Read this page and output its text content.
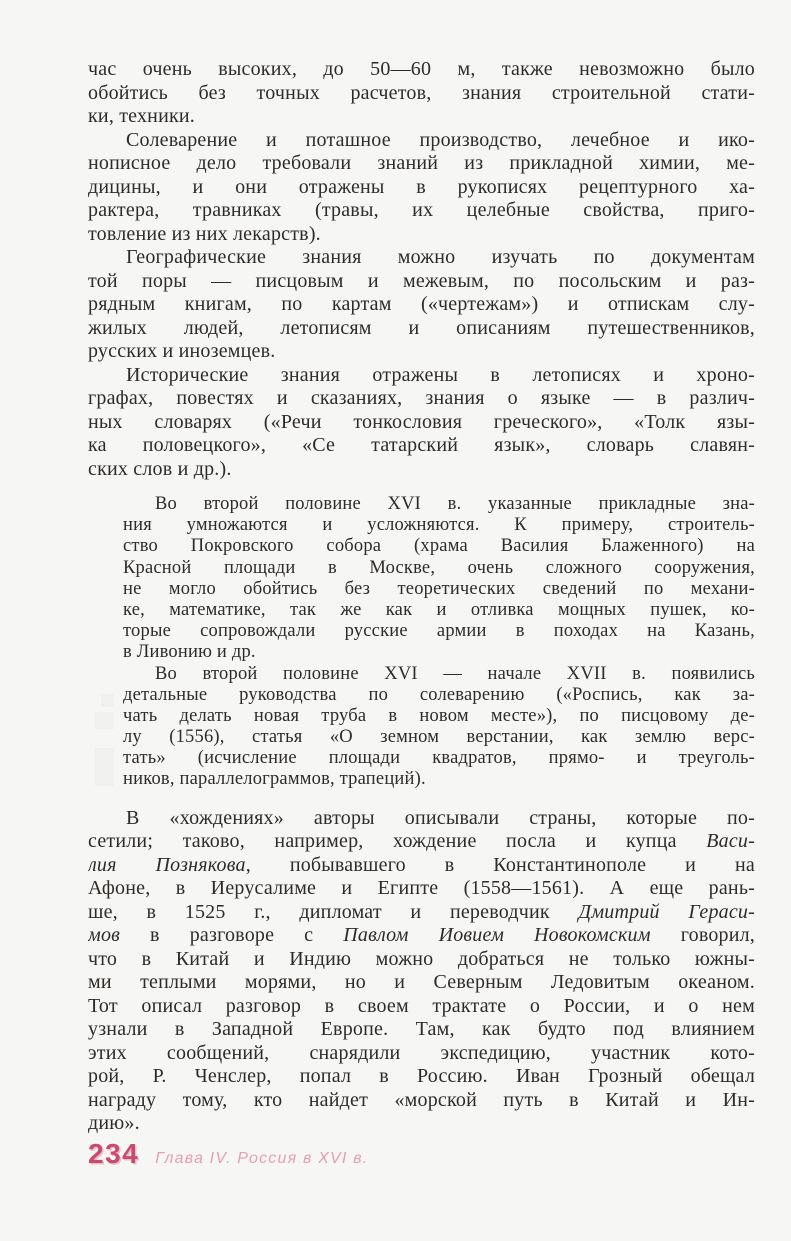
час очень высоких, до 50—60 м, также невозможно было
обойтись без точных расчетов, знания строительной стати-
ки, техники.
Солеварение и поташное производство, лечебное и ико-
нописное дело требовали знаний из прикладной химии, ме-
дицины, и они отражены в рукописях рецептурного ха-
рактера, травниках (травы, их целебные свойства, приго-
товление из них лекарств).
Географические знания можно изучать по документам
той поры — писцовым и межевым, по посольским и раз-
рядным книгам, по картам («чертежам») и отпискам слу-
жилых людей, летописям и описаниям путешественников,
русских и иноземцев.
Исторические знания отражены в летописях и хроно-
графах, повестях и сказаниях, знания о языке — в различ-
ных словарях («Речи тонкословия греческого», «Толк язы-
ка половецкого», «Се татарский язык», словарь славян-
ских слов и др.).
Во второй половине XVI в. указанные прикладные зна-
ния умножаются и усложняются. К примеру, строитель-
ство Покровского собора (храма Василия Блаженного) на
Красной площади в Москве, очень сложного сооружения,
не могло обойтись без теоретических сведений по механи-
ке, математике, так же как и отливка мощных пушек, ко-
торые сопровождали русские армии в походах на Казань,
в Ливонию и др.
Во второй половине XVI — начале XVII в. появились
детальные руководства по солеварению («Роспись, как за-
чать делать новая труба в новом месте»), по писцовому де-
лу (1556), статья «О земном верстании, как землю верс-
тать» (исчисление площади квадратов, прямо- и треуголь-
ников, параллелограммов, трапеций).
В «хождениях» авторы описывали страны, которые по-
сетили; таково, например, хождение посла и купца Васи-
лия Познякова, побывавшего в Константинополе и на
Афоне, в Иерусалиме и Египте (1558—1561). А еще рань-
ше, в 1525 г., дипломат и переводчик Дмитрий Гераси-
мов в разговоре с Павлом Иовием Новокомским говорил,
что в Китай и Индию можно добраться не только южны-
ми теплыми морями, но и Северным Ледовитым океаном.
Тот описал разговор в своем трактате о России, и о нем
узнали в Западной Европе. Там, как будто под влиянием
этих сообщений, снарядили экспедицию, участник кото-
рой, Р. Ченслер, попал в Россию. Иван Грозный обещал
награду тому, кто найдет «морской путь в Китай и Ин-
дию».
234 Глава IV. Россия в XVI в.
